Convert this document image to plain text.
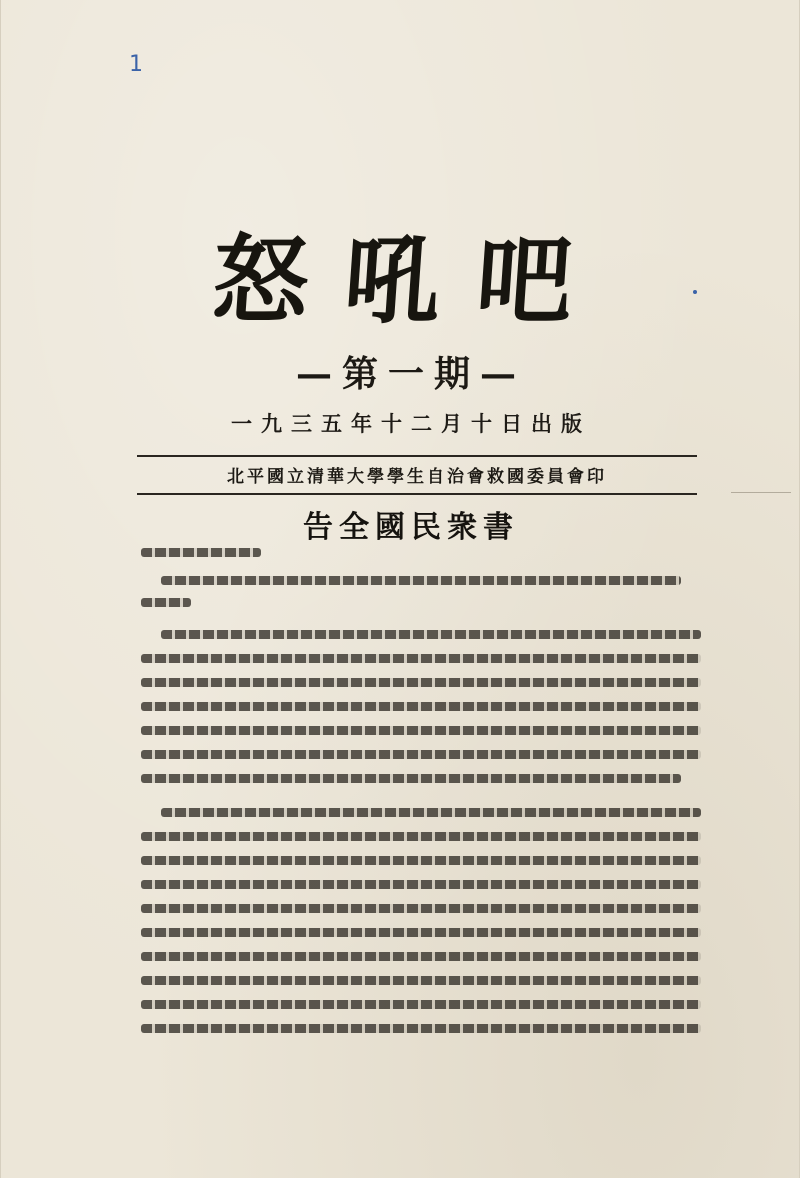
1
怒吼吧
—第一期—
一九三五年十二月十日出版
北平國立清華大學學生自治會救國委員會印
告全國民衆書
